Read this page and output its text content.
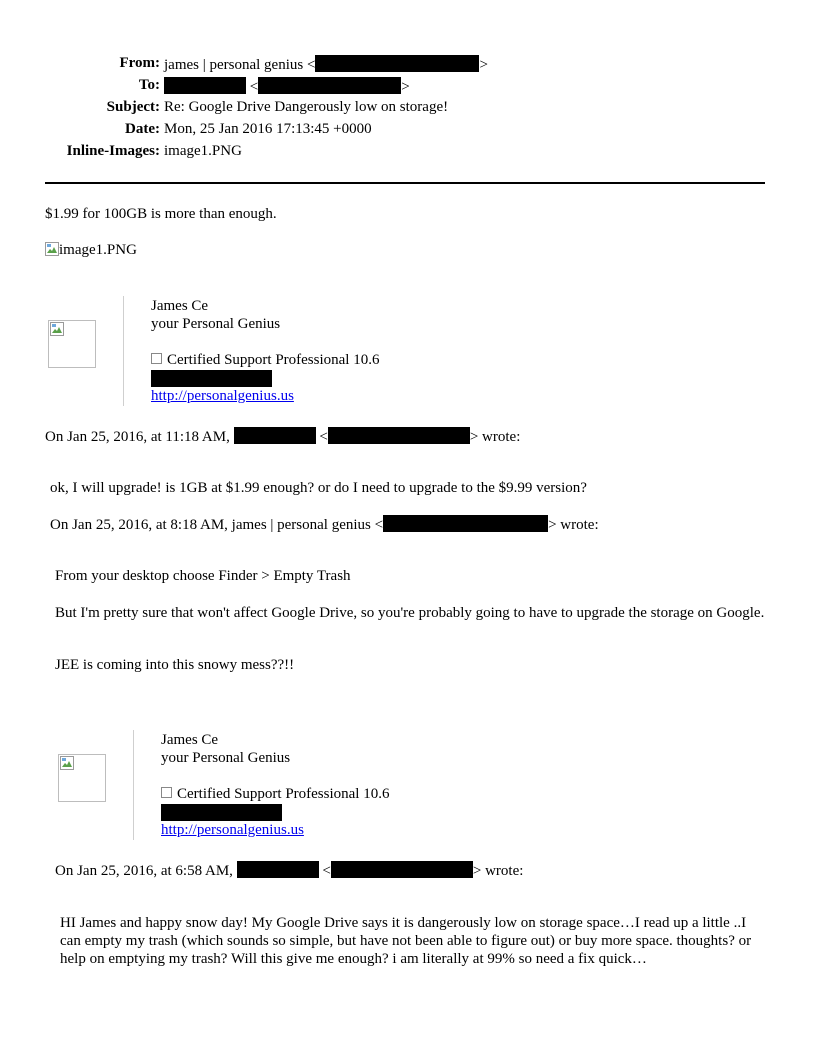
From: james | personal genius <	>
To:	<	>
Subject: Re: Google Drive Dangerously low on storage!
Date: Mon, 25 Jan 2016 17:13:45 +0000
Inline-Images: image1.PNG
$1.99 for 100GB is more than enough.
image1.PNG
James Ce
your Personal Genius
Certified Support Professional 10.6
http://personalgenius.us
On Jan 25, 2016, at 11:18 AM,	<	> wrote:
ok, I will upgrade! is 1GB at $1.99 enough? or do I need to upgrade to the $9.99 version?
On Jan 25, 2016, at 8:18 AM, james | personal genius <	> wrote:
From your desktop choose Finder > Empty Trash
But I'm pretty sure that won't affect Google Drive, so you're probably going to have to upgrade the storage on Google.
JEE is coming into this snowy mess??!!
James Ce
your Personal Genius
Certified Support Professional 10.6
http://personalgenius.us
On Jan 25, 2016, at 6:58 AM,	<	> wrote:
HI James and happy snow day! My Google Drive says it is dangerously low on storage space…I read up a little ..I can empty my trash (which sounds so simple, but have not been able to figure out) or buy more space. thoughts? or help on emptying my trash? Will this give me enough? i am literally at 99% so need a fix quick…
